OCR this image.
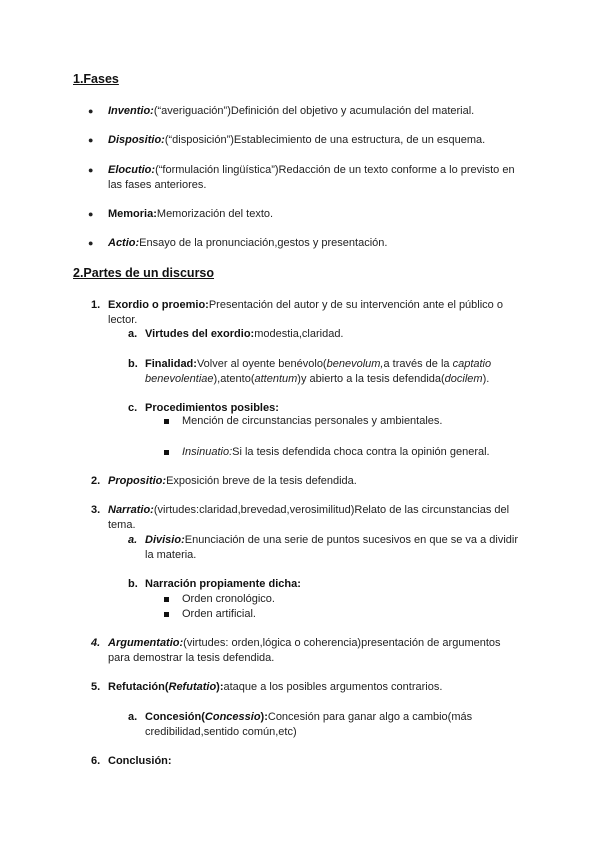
1.Fases
● Inventio:(“averiguación”)Definición del objetivo y acumulación del material.
● Dispositio:(“disposición”)Establecimiento de una estructura, de un esquema.
● Elocutio:(“formulación lingüística”)Redacción de un texto conforme a lo previsto en
las fases anteriores.
● Memoria:Memorización del texto.
● Actio:Ensayo de la pronunciación,gestos y presentación.
2.Partes de un discurso
1. Exordio o proemio:Presentación del autor y de su intervención ante el público o
lector.
a. Virtudes del exordio:modestia,claridad.
b. Finalidad:Volver al oyente benévolo(benevolum,a través de la captatio
benevolentiae),atento(attentum)y abierto a la tesis defendida(docilem).
c. Procedimientos posibles:
Mención de circunstancias personales y ambientales.
Insinuatio:Si la tesis defendida choca contra la opinión general.
2. Propositio:Exposición breve de la tesis defendida.
3. Narratio:(virtudes:claridad,brevedad,verosimilitud)Relato de las circunstancias del
tema.
a. Divisio:Enunciación de una serie de puntos sucesivos en que se va a dividir
la materia.
b. Narración propiamente dicha:
Orden cronológico.
Orden artificial.
4. Argumentatio:(virtudes: orden,lógica o coherencia)presentación de argumentos
para demostrar la tesis defendida.
5. Refutación(Refutatio):ataque a los posibles argumentos contrarios.
a. Concesión(Concessio):Concesión para ganar algo a cambio(más
credibilidad,sentido común,etc)
6. Conclusión:
